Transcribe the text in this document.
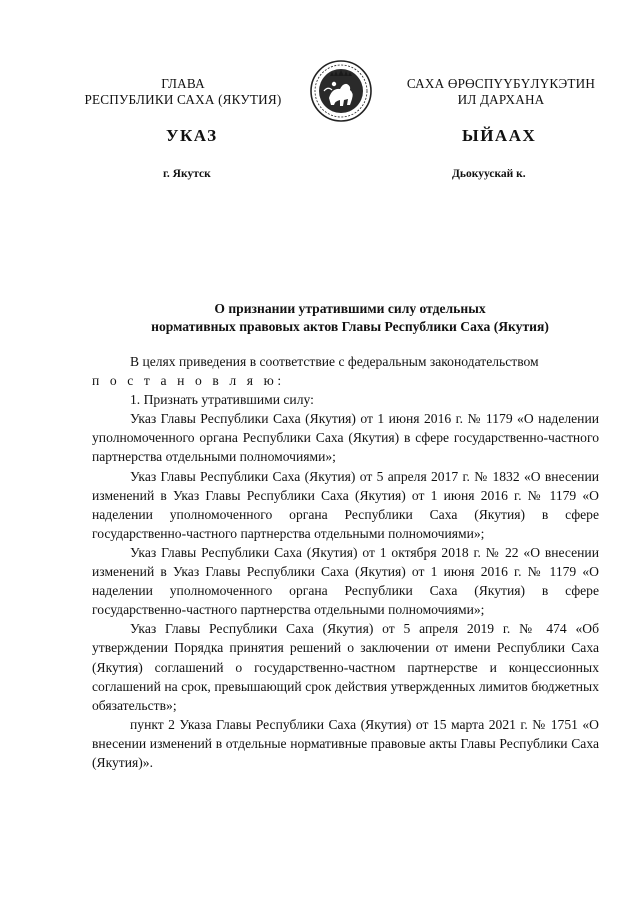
ГЛАВА
РЕСПУБЛИКИ САХА (ЯКУТИЯ)
САХА ӨРӨСПҮҮБҮЛҮКЭТИН
ИЛ ДАРХАНА
УКАЗ	ЫЙААХ
г. Якутск	Дьокуускай к.
О признании утратившими силу отдельных
нормативных правовых актов Главы Республики Саха (Якутия)

В целях приведения в соответствие с федеральным законодательством

п о с т а н о в л я ю:

1. Признать утратившими силу:

Указ Главы Республики Саха (Якутия) от 1 июня 2016 г. № 1179 «О наделении уполномоченного органа Республики Саха (Якутия) в сфере государственно-частного партнерства отдельными полномочиями»;

Указ Главы Республики Саха (Якутия) от 5 апреля 2017 г. № 1832 «О внесении изменений в Указ Главы Республики Саха (Якутия) от 1 июня 2016 г. № 1179 «О наделении уполномоченного органа Республики Саха (Якутия) в сфере государственно-частного партнерства отдельными полномочиями»;

Указ Главы Республики Саха (Якутия) от 1 октября 2018 г. № 22 «О внесении изменений в Указ Главы Республики Саха (Якутия) от 1 июня 2016 г. № 1179 «О наделении уполномоченного органа Республики Саха (Якутия) в сфере государственно-частного партнерства отдельными полномочиями»;

Указ Главы Республики Саха (Якутия) от 5 апреля 2019 г. № 474 «Об утверждении Порядка принятия решений о заключении от имени Республики Саха (Якутия) соглашений о государственно-частном партнерстве и концессионных соглашений на срок, превышающий срок действия утвержденных лимитов бюджетных обязательств»;

пункт 2 Указа Главы Республики Саха (Якутия) от 15 марта 2021 г. № 1751 «О внесении изменений в отдельные нормативные правовые акты Главы Республики Саха (Якутия)».
